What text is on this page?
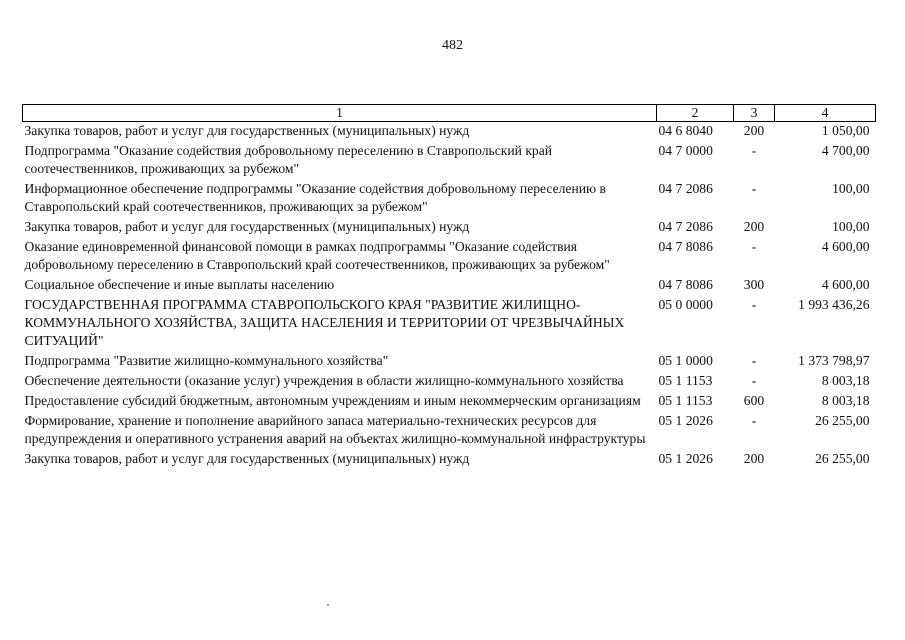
482
1	2	3	4
Закупка товаров, работ и услуг для государственных (муниципальных) нужд	04 6 8040	200	1 050,00
Подпрограмма "Оказание содействия добровольному переселению в Ставропольский край соотечественников, проживающих за рубежом"	04 7 0000	-	4 700,00
Информационное обеспечение подпрограммы "Оказание содействия добровольному переселению в Ставропольский край соотечественников, проживающих за рубежом"	04 7 2086	-	100,00
Закупка товаров, работ и услуг для государственных (муниципальных) нужд	04 7 2086	200	100,00
Оказание единовременной финансовой помощи в рамках подпрограммы "Оказание содействия добровольному переселению в Ставропольский край соотечественников, проживающих за рубежом"	04 7 8086	-	4 600,00
Социальное обеспечение и иные выплаты населению	04 7 8086	300	4 600,00
ГОСУДАРСТВЕННАЯ ПРОГРАММА СТАВРОПОЛЬСКОГО КРАЯ "РАЗВИТИЕ ЖИЛИЩНО-КОММУНАЛЬНОГО ХОЗЯЙСТВА, ЗАЩИТА НАСЕЛЕНИЯ И ТЕРРИТОРИИ ОТ ЧРЕЗВЫЧАЙНЫХ СИТУАЦИЙ"	05 0 0000	-	1 993 436,26
Подпрограмма "Развитие жилищно-коммунального хозяйства"	05 1 0000	-	1 373 798,97
Обеспечение деятельности (оказание услуг) учреждения в области жилищно-коммунального хозяйства	05 1 1153	-	8 003,18
Предоставление субсидий бюджетным, автономным учреждениям и иным некоммерческим организациям	05 1 1153	600	8 003,18
Формирование, хранение и пополнение аварийного запаса материально-технических ресурсов для предупреждения и оперативного устранения аварий на объектах жилищно-коммунальной инфраструктуры	05 1 2026	-	26 255,00
Закупка товаров, работ и услуг для государственных (муниципальных) нужд	05 1 2026	200	26 255,00
